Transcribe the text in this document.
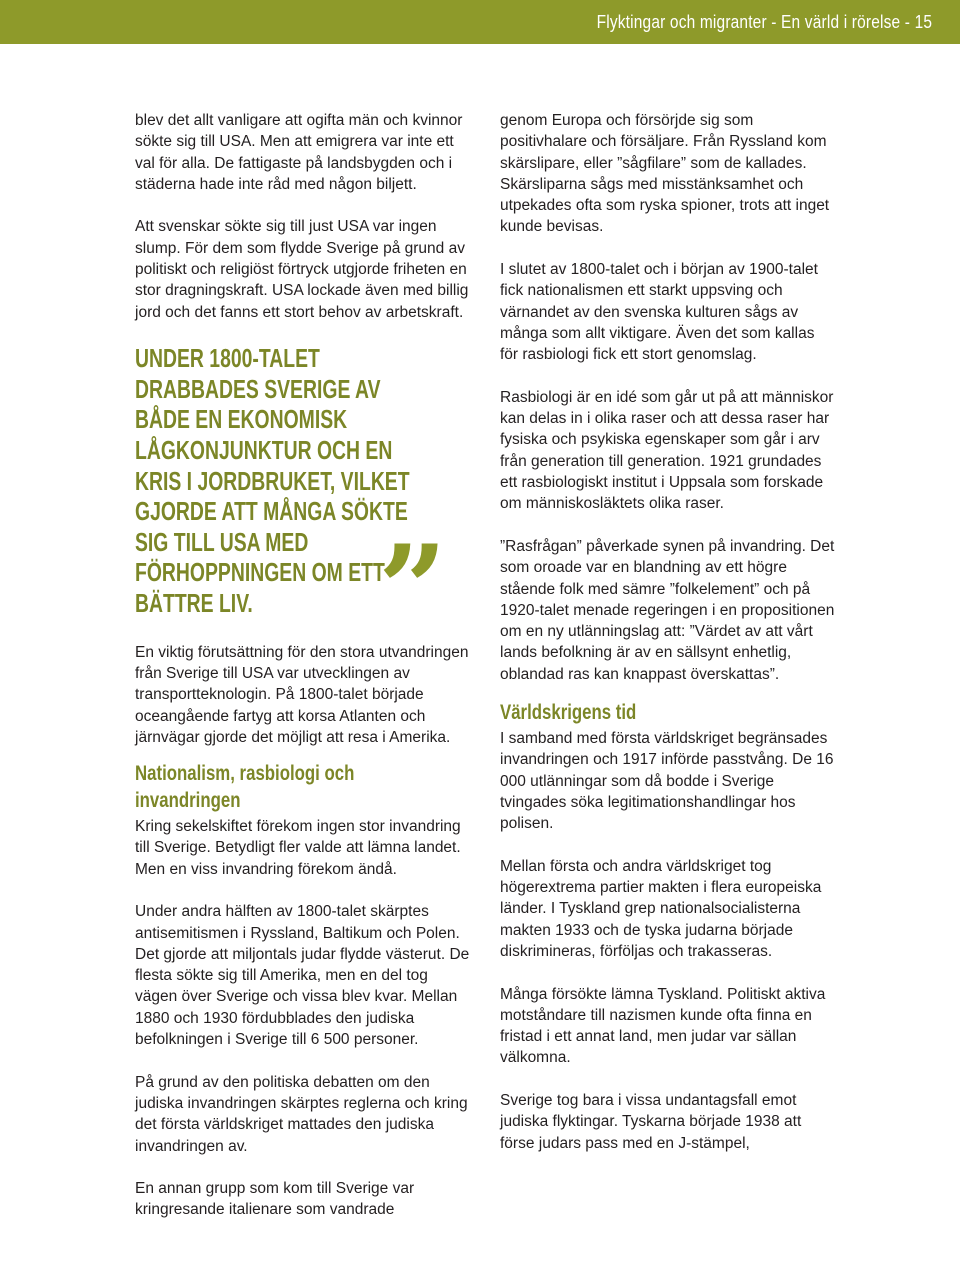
Flyktingar och migranter - En värld i rörelse - 15

blev det allt vanligare att ogifta män och kvinnor sökte sig till USA. Men att emigrera var inte ett val för alla. De fattigaste på landsbygden och i städerna hade inte råd med någon biljett.

Att svenskar sökte sig till just USA var ingen slump. För dem som flydde Sverige på grund av politiskt och religiöst förtryck utgjorde friheten en stor dragningskraft. USA lockade även med billig jord och det fanns ett stort behov av arbetskraft.

UNDER 1800-TALET DRABBADES SVERIGE AV BÅDE EN EKONOMISK LÅGKONJUNKTUR OCH EN KRIS I JORDBRUKET, VILKET GJORDE ATT MÅNGA SÖKTE SIG TILL USA MED FÖRHOPPNINGEN OM ETT BÄTTRE LIV.

En viktig förutsättning för den stora utvandringen från Sverige till USA var utvecklingen av transportteknologin. På 1800-talet började oceangående fartyg att korsa Atlanten och järnvägar gjorde det möjligt att resa i Amerika.

Nationalism, rasbiologi och invandringen

Kring sekelskiftet förekom ingen stor invandring till Sverige. Betydligt fler valde att lämna landet. Men en viss invandring förekom ändå.

Under andra hälften av 1800-talet skärptes antisemitismen i Ryssland, Baltikum och Polen. Det gjorde att miljontals judar flydde västerut. De flesta sökte sig till Amerika, men en del tog vägen över Sverige och vissa blev kvar. Mellan 1880 och 1930 fördubblades den judiska befolkningen i Sverige till 6 500 personer.

På grund av den politiska debatten om den judiska invandringen skärptes reglerna och kring det första världskriget mattades den judiska invandringen av.

En annan grupp som kom till Sverige var kringresande italienare som vandrade

”

genom Europa och försörjde sig som positivhalare och försäljare. Från Ryssland kom skärslipare, eller ”sågfilare” som de kallades. Skärsliparna sågs med misstänksamhet och utpekades ofta som ryska spioner, trots att inget kunde bevisas.

I slutet av 1800-talet och i början av 1900-talet fick nationalismen ett starkt uppsving och värnandet av den svenska kulturen sågs av många som allt viktigare. Även det som kallas för rasbiologi fick ett stort genomslag.

Rasbiologi är en idé som går ut på att människor kan delas in i olika raser och att dessa raser har fysiska och psykiska egenskaper som går i arv från generation till generation. 1921 grundades ett rasbiologiskt institut i Uppsala som forskade om människosläktets olika raser.

”Rasfrågan” påverkade synen på invandring. Det som oroade var en blandning av ett högre stående folk med sämre ”folkelement” och på 1920-talet menade regeringen i en propositionen om en ny utlänningslag att: ”Värdet av att vårt lands befolkning är av en sällsynt enhetlig, oblandad ras kan knappast överskattas”.

Världskrigens tid

I samband med första världskriget begränsades invandringen och 1917 införde passtvång. De 16 000 utlänningar som då bodde i Sverige tvingades söka legitimationshandlingar hos polisen.

Mellan första och andra världskriget tog högerextrema partier makten i flera europeiska länder. I Tyskland grep nationalsocialisterna makten 1933 och de tyska judarna började diskrimineras, förföljas och trakasseras.

Många försökte lämna Tyskland. Politiskt aktiva motståndare till nazismen kunde ofta finna en fristad i ett annat land, men judar var sällan välkomna.

Sverige tog bara i vissa undantagsfall emot judiska flyktingar. Tyskarna började 1938 att förse judars pass med en J-stämpel,
